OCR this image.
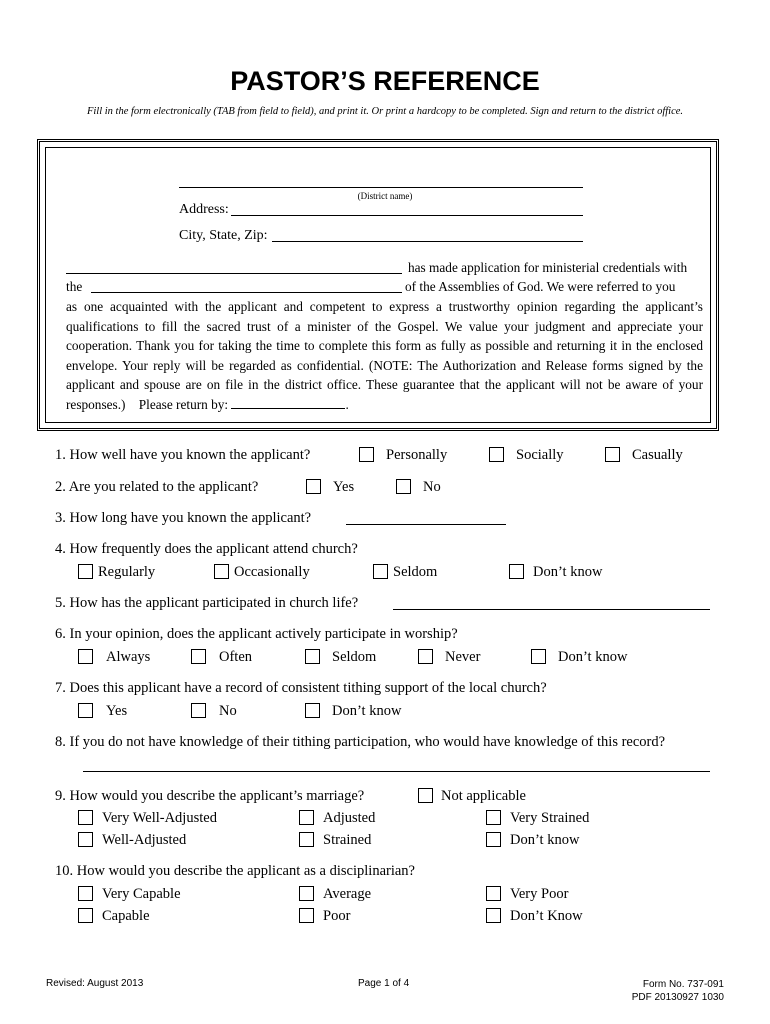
PASTOR’S REFERENCE
Fill in the form electronically (TAB from field to field), and print it. Or print a hardcopy to be completed. Sign and return to the district office.
(District name)
Address:
City, State, Zip:
has made application for ministerial credentials with
the	of the Assemblies of God. We were referred to you
as one acquainted with the applicant and competent to express a trustworthy opinion regarding the applicant’s qualifications to fill the sacred trust of a minister of the Gospel. We value your judgment and appreciate your cooperation. Thank you for taking the time to complete this form as fully as possible and returning it in the enclosed envelope. Your reply will be regarded as confidential. (NOTE: The Authorization and Release forms signed by the applicant and spouse are on file in the district office. These guarantee that the applicant will not be aware of your responses.) Please return by:	.
1. How well have you known the applicant?	Personally	Socially	Casually
2. Are you related to the applicant?	Yes	No
3. How long have you known the applicant?
4. How frequently does the applicant attend church?
Regularly	Occasionally	Seldom	Don’t know
5. How has the applicant participated in church life?
6. In your opinion, does the applicant actively participate in worship?
Always	Often	Seldom	Never	Don’t know
7. Does this applicant have a record of consistent tithing support of the local church?
Yes	No	Don’t know
8. If you do not have knowledge of their tithing participation, who would have knowledge of this record?
9. How would you describe the applicant’s marriage?	Not applicable
Very Well-Adjusted	Adjusted	Very Strained
Well-Adjusted	Strained	Don’t know
10. How would you describe the applicant as a disciplinarian?
Very Capable	Average	Very Poor
Capable	Poor	Don’t Know
Revised: August 2013	Page 1 of 4	Form No. 737-091
PDF 20130927 1030
